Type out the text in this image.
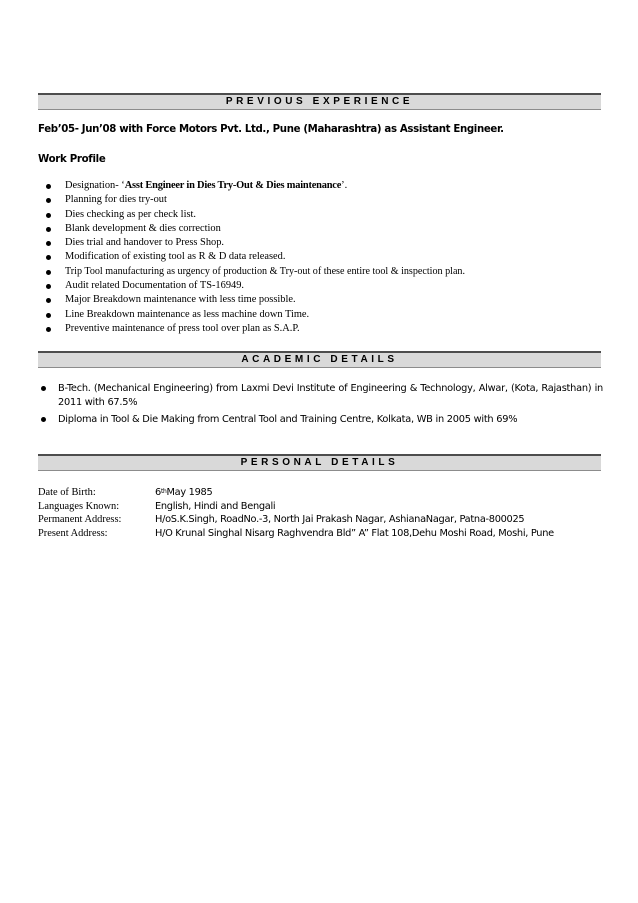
PREVIOUS EXPERIENCE
Feb’05- Jun’08 with Force Motors Pvt. Ltd., Pune (Maharashtra) as Assistant Engineer.
Work Profile
Designation- ‘Asst Engineer in Dies Try-Out & Dies maintenance’.
Planning for dies try-out
Dies checking as per check list.
Blank development & dies correction
Dies trial and handover to Press Shop.
Modification of existing tool as R & D data released.
Trip Tool manufacturing as urgency of production & Try-out of these entire tool & inspection plan.
Audit related Documentation of TS-16949.
Major Breakdown maintenance with less time possible.
Line Breakdown maintenance as less machine down Time.
Preventive maintenance of press tool over plan as S.A.P.
ACADEMIC DETAILS
B-Tech. (Mechanical Engineering) from Laxmi Devi Institute of Engineering & Technology, Alwar, (Kota, Rajasthan) in 2011 with 67.5%
Diploma in Tool & Die Making from Central Tool and Training Centre, Kolkata, WB in 2005 with 69%
PERSONAL DETAILS
Date of Birth:	6thMay 1985
Languages Known:	English, Hindi and Bengali
Permanent Address:	H/oS.K.Singh, RoadNo.-3, North Jai Prakash Nagar, AshianaNagar, Patna-800025
Present Address:	H/O Krunal Singhal Nisarg Raghvendra Bld” A” Flat 108,Dehu Moshi Road, Moshi, Pune
